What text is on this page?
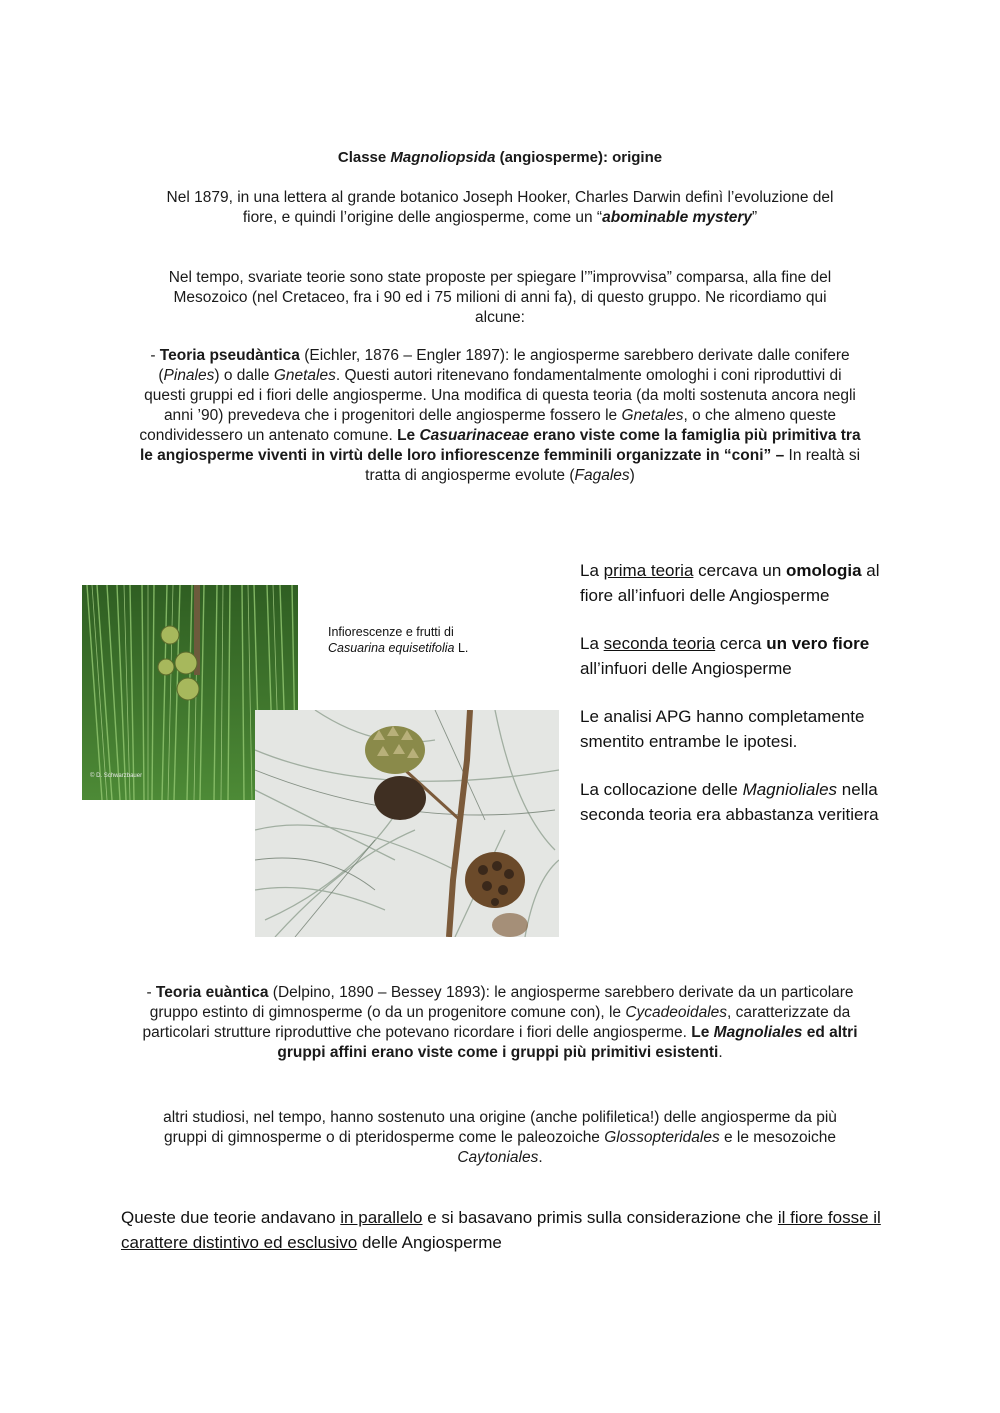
Classe Magnoliopsida (angiosperme): origine
Nel 1879, in una lettera al grande botanico Joseph Hooker, Charles Darwin definì l’evoluzione del fiore, e quindi l’origine delle angiosperme, come un “abominable mystery”
Nel tempo, svariate teorie sono state proposte per spiegare l’”improvvisa” comparsa, alla fine del Mesozoico (nel Cretaceo, fra i 90 ed i 75 milioni di anni fa), di questo gruppo. Ne ricordiamo qui alcune:
- Teoria pseudàntica (Eichler, 1876 – Engler 1897): le angiosperme sarebbero derivate dalle conifere (Pinales) o dalle Gnetales. Questi autori ritenevano fondamentalmente omologhi i coni riproduttivi di questi gruppi ed i fiori delle angiosperme. Una modifica di questa teoria (da molti sostenuta ancora negli anni ’90) prevedeva che i progenitori delle angiosperme fossero le Gnetales, o che almeno queste condividessero un antenato comune. Le Casuarinaceae erano viste come la famiglia più primitiva tra le angiosperme viventi in virtù delle loro infiorescenze femminili organizzate in “coni” – In realtà si tratta di angiosperme evolute (Fagales)
© D. Schwarzbauer
Infiorescenze e frutti di
Casuarina equisetifolia L.

La prima teoria cercava un omologia al fiore all’infuori delle Angiosperme

La seconda teoria cerca un vero fiore all’infuori delle Angiosperme

Le analisi APG hanno completamente smentito entrambe le ipotesi.

La collocazione delle Magnioliales nella seconda teoria era abbastanza veritiera

- Teoria euàntica (Delpino, 1890 – Bessey 1893): le angiosperme sarebbero derivate da un particolare gruppo estinto di gimnosperme (o da un progenitore comune con), le Cycadeoidales, caratterizzate da particolari strutture riproduttive che potevano ricordare i fiori delle angiosperme. Le Magnoliales ed altri gruppi affini erano viste come i gruppi più primitivi esistenti.
altri studiosi, nel tempo, hanno sostenuto una origine (anche polifiletica!) delle angiosperme da più gruppi di gimnosperme o di pteridosperme come le paleozoiche Glossopteridales e le mesozoiche Caytoniales.
Queste due teorie andavano in parallelo e si basavano primis sulla considerazione che il fiore fosse il carattere distintivo ed esclusivo delle Angiosperme
